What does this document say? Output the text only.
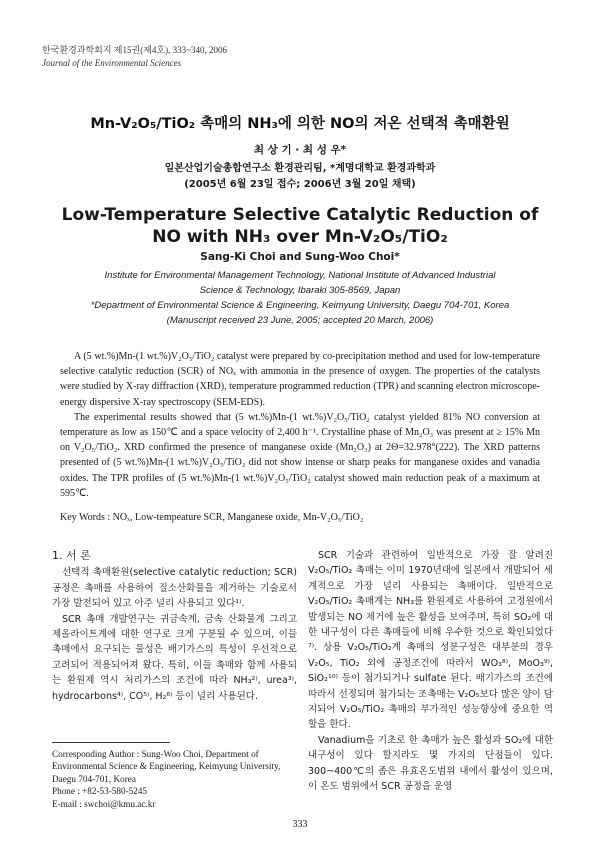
한국환경과학회지 제15권(제4호), 333~340, 2006
Journal of the Environmental Sciences
Mn-V₂O₅/TiO₂ 촉매의 NH₃에 의한 NO의 저온 선택적 촉매환원
최 상 기 · 최 성 우*
일본산업기술총합연구소 환경관리팀, *계명대학교 환경과학과
(2005년 6월 23일 접수; 2006년 3월 20일 채택)
Low-Temperature Selective Catalytic Reduction of
NO with NH₃ over Mn-V₂O₅/TiO₂
Sang-Ki Choi and Sung-Woo Choi*
Institute for Environmental Management Technology, National Institute of Advanced Industrial
Science & Technology, Ibaraki 305-8569, Japan
*Department of Environmental Science & Engineering, Keimyung University, Daegu 704-701, Korea
(Manuscript received 23 June, 2005; accepted 20 March, 2006)

A (5 wt.%)Mn-(1 wt.%)V₂O₅/TiO₂ catalyst were prepared by co-precipitation method and used for low-temperature selective catalytic reduction (SCR) of NOₓ with ammonia in the presence of oxygen. The properties of the catalysts were studied by X-ray diffraction (XRD), temperature programmed reduction (TPR) and scanning electron microscope-energy dispersive X-ray spectroscopy (SEM-EDS).

The experimental results showed that (5 wt.%)Mn-(1 wt.%)V₂O₅/TiO₂ catalyst yielded 81% NO conversion at temperature as low as 150℃ and a space velocity of 2,400 h⁻¹. Crystalline phase of Mn₂O₃ was present at ≥ 15% Mn on V₂O₅/TiO₂. XRD confirmed the presence of manganese oxide (Mn₂O₃) at 2Θ=32.978°(222). The XRD patterns presented of (5 wt.%)Mn-(1 wt.%)V₂O₅/TiO₂ did not show intense or sharp peaks for manganese oxides and vanadia oxides. The TPR profiles of (5 wt.%)Mn-(1 wt.%)V₂O₅/TiO₂ catalyst showed main reduction peak of a maximum at 595℃.

Key Words : NOₓ, Low-tempeature SCR, Manganese oxide, Mn-V₂O₅/TiO₂
1. 서 론

선택적 촉매환원(selective catalytic reduction; SCR) 공정은 촉매를 사용하여 질소산화물을 제거하는 기술로서 가장 발전되어 있고 아주 널리 사용되고 있다¹⁾.

SCR 촉매 개발연구는 귀금속계, 금속 산화물계 그리고 제올라이트계에 대한 연구로 크게 구분될 수 있으며, 이들 촉매에서 요구되는 물성은 배기가스의 특성이 우선적으로 고려되어 적용되어져 왔다. 특히, 이들 촉매와 함께 사용되는 환원제 역시 처리가스의 조건에 따라 NH₃²⁾, urea³⁾, hydrocarbons⁴⁾, CO⁵⁾, H₂⁶⁾ 등이 널리 사용된다.

SCR 기술과 관련하여 일반적으로 가장 잘 알려진 V₂O₅/TiO₂ 촉매는 이미 1970년대에 일본에서 개발되어 세계적으로 가장 널리 사용되는 촉매이다. 일반적으로 V₂O₅/TiO₂ 촉매계는 NH₃를 환원제로 사용하여 고정원에서 발생되는 NO 제거에 높은 활성을 보여주며, 특히 SO₂에 대한 내구성이 다른 촉매들에 비해 우수한 것으로 확인되었다⁷⁾. 상용 V₂O₅/TiO₂계 촉매의 성분구성은 대부분의 경우 V₂O₅, TiO₂ 외에 공정조건에 따라서 WO₃⁸⁾, MoO₃⁹⁾, SiO₂¹⁰⁾ 등이 첨가되거나 sulfate 된다. 배기가스의 조건에 따라서 선정되며 첨가되는 조촉매는 V₂O₅보다 많은 양이 담지되어 V₂O₅/TiO₂ 촉매의 부가적인 성능향상에 중요한 역할을 한다.

Vanadium을 기초로 한 촉매가 높은 활성과 SO₂에 대한 내구성이 있다 할지라도 몇 가지의 단점들이 있다. 300~400℃의 좁은 유효온도범위 내에서 활성이 있으며, 이 온도 범위에서 SCR 공정을 운영

Corresponding Author : Sung-Woo Choi, Department of Environmental Science & Engineering, Keimyung University, Daegu 704-701, Korea
Phone : +82-53-580-5245
E-mail : swchoi@kmu.ac.kr
333
